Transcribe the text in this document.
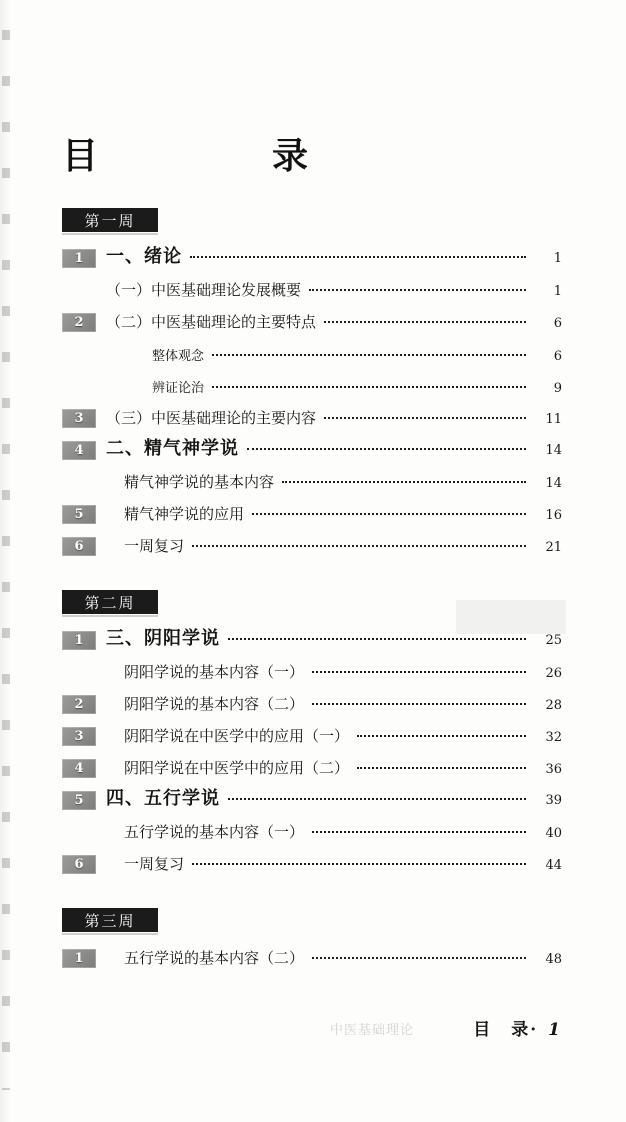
目　　录
第一周
1	一、绪论	1
（一）中医基础理论发展概要	1
2	（二）中医基础理论的主要特点	6
整体观念	6
辨证论治	9
3	（三）中医基础理论的主要内容	11
4	二、精气神学说	14
精气神学说的基本内容	14
5	精气神学说的应用	16
6	一周复习	21
第二周
1	三、阴阳学说	25
阴阳学说的基本内容（一）	26
2	阴阳学说的基本内容（二）	28
3	阴阳学说在中医学中的应用（一）	32
4	阴阳学说在中医学中的应用（二）	36
5	四、五行学说	39
五行学说的基本内容（一）	40
6	一周复习	44
第三周
1	五行学说的基本内容（二）	48
中医基础理论	目　录· 1
